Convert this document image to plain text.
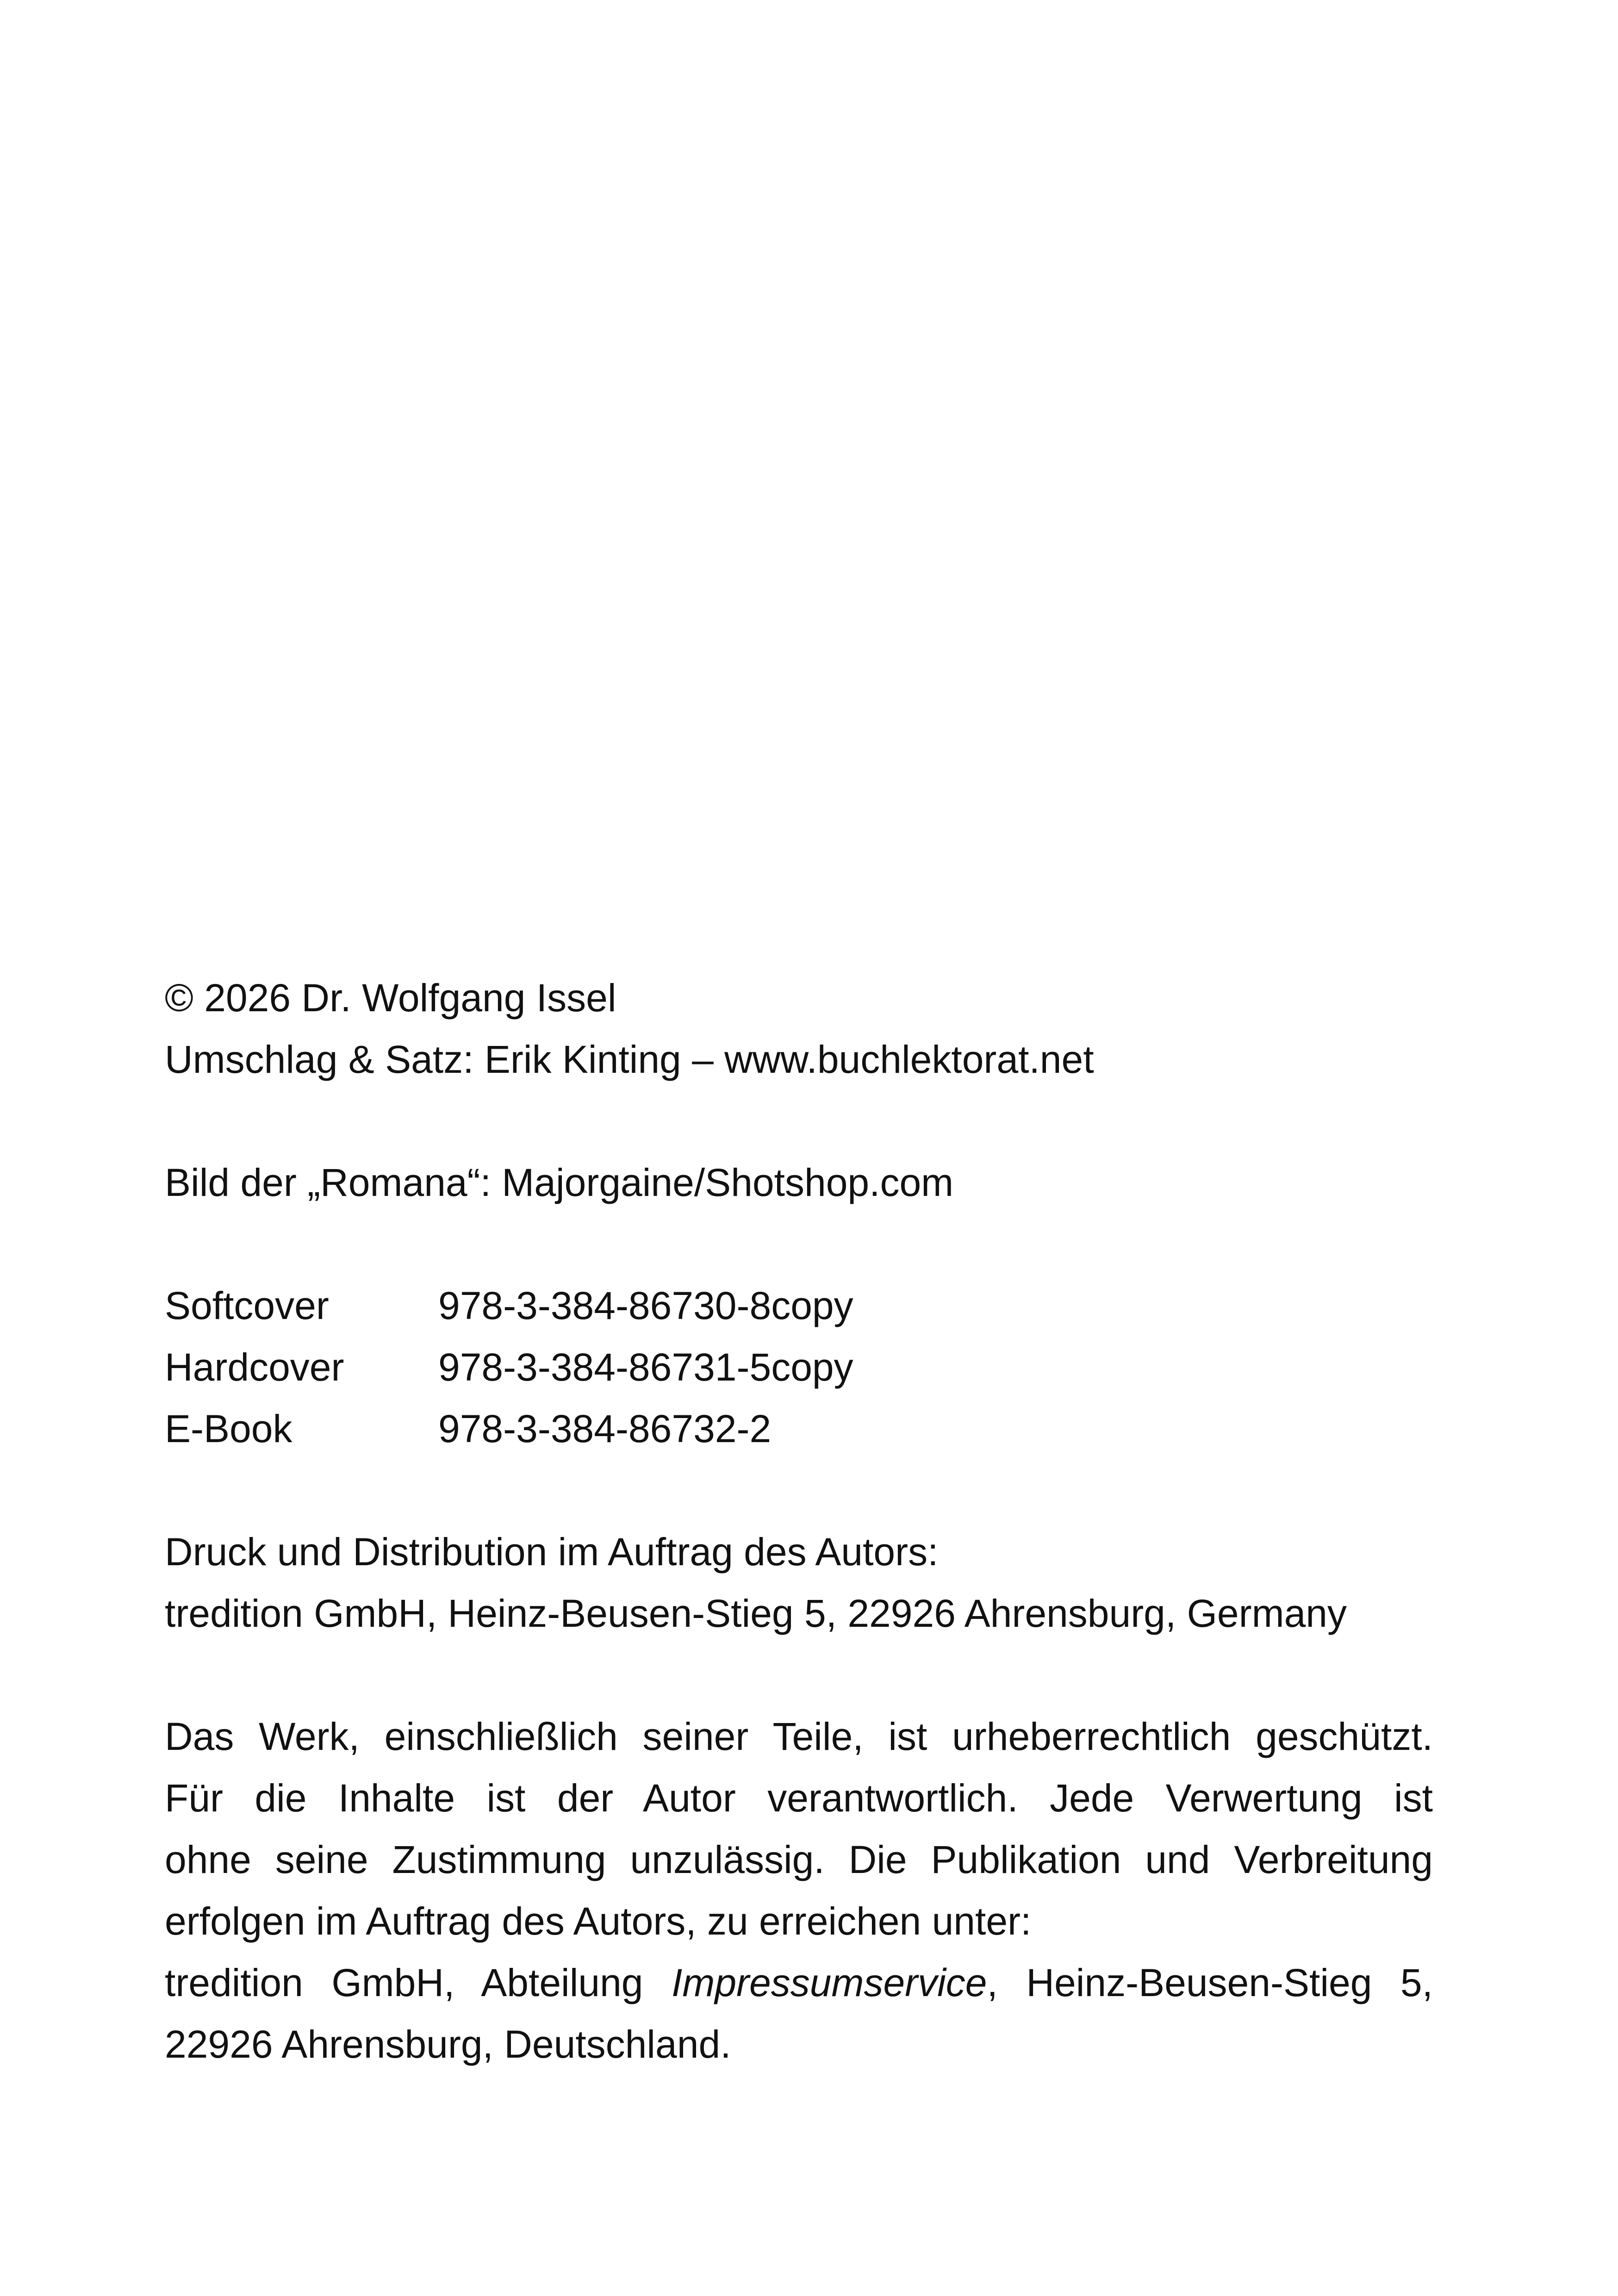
© 2026 Dr. Wolfgang Issel
Umschlag & Satz: Erik Kinting – www.buchlektorat.net
Bild der „Romana“: Majorgaine/Shotshop.com
Softcover	978-3-384-86730-8copy
Hardcover	978-3-384-86731-5copy
E-Book	978-3-384-86732-2
Druck und Distribution im Auftrag des Autors:
tredition GmbH, Heinz-Beusen-Stieg 5, 22926 Ahrensburg, Germany
Das Werk, einschließlich seiner Teile, ist urheberrechtlich geschützt.
Für die Inhalte ist der Autor verantwortlich. Jede Verwertung ist
ohne seine Zustimmung unzulässig. Die Publikation und Verbreitung
erfolgen im Auftrag des Autors, zu erreichen unter:
tredition GmbH, Abteilung Impressumservice, Heinz-Beusen-Stieg 5,
22926 Ahrensburg, Deutschland.
